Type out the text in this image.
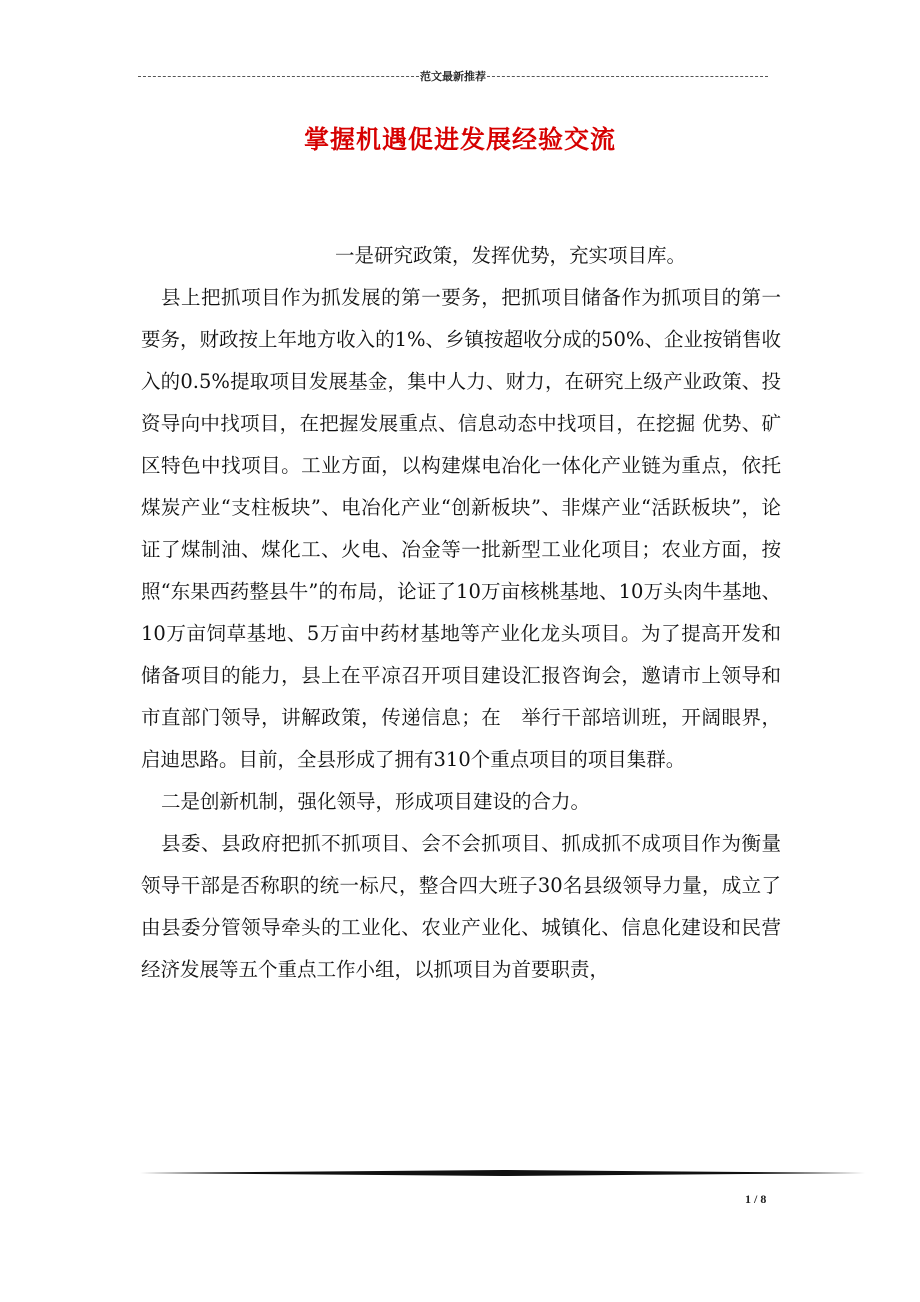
范文最新推荐
掌握机遇促进发展经验交流

一是研究政策，发挥优势，充实项目库。

县上把抓项目作为抓发展的第一要务，把抓项目储备作为抓项目的第一要务，财政按上年地方收入的1%、乡镇按超收分成的50%、企业按销售收入的0.5%提取项目发展基金，集中人力、财力，在研究上级产业政策、投资导向中找项目，在把握发展重点、信息动态中找项目，在挖掘 优势、矿区特色中找项目。工业方面，以构建煤电冶化一体化产业链为重点，依托煤炭产业“支柱板块”、电冶化产业“创新板块”、非煤产业“活跃板块”，论证了煤制油、煤化工、火电、冶金等一批新型工业化项目；农业方面，按照“东果西药整县牛”的布局，论证了10万亩核桃基地、10万头肉牛基地、10万亩饲草基地、5万亩中药材基地等产业化龙头项目。为了提高开发和储备项目的能力，县上在平凉召开项目建设汇报咨询会，邀请市上领导和市直部门领导，讲解政策，传递信息；在　举行干部培训班，开阔眼界，启迪思路。目前，全县形成了拥有310个重点项目的项目集群。

二是创新机制，强化领导，形成项目建设的合力。

县委、县政府把抓不抓项目、会不会抓项目、抓成抓不成项目作为衡量领导干部是否称职的统一标尺，整合四大班子30名县级领导力量，成立了由县委分管领导牵头的工业化、农业产业化、城镇化、信息化建设和民营经济发展等五个重点工作小组，以抓项目为首要职责，

1 / 8
